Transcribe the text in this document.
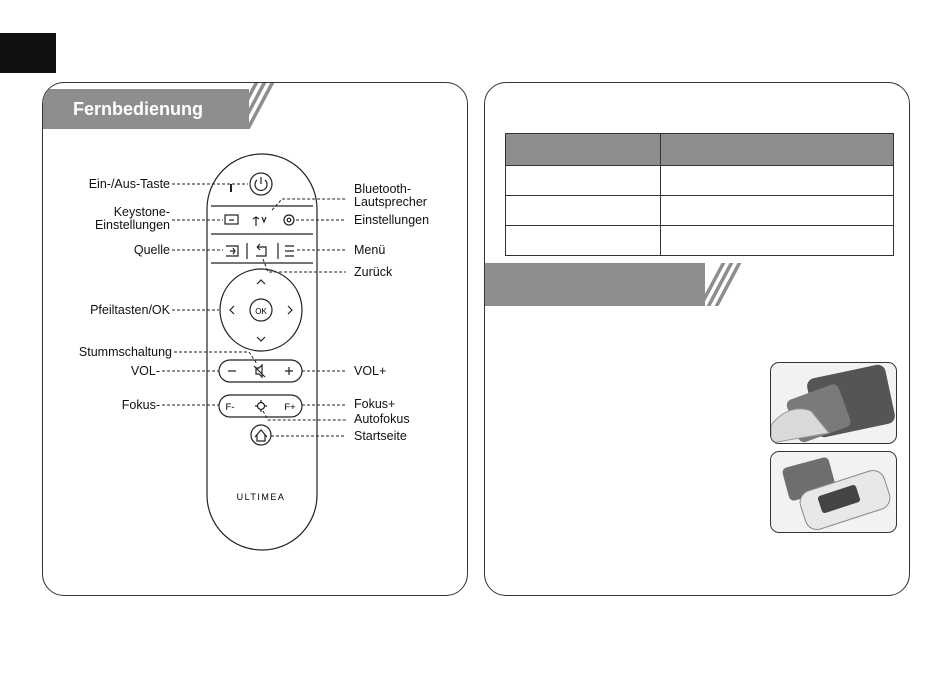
Fernbedienung
OK
F-	F+
ULTIMEA
Ein-/Aus-Taste	Bluetooth-
Lautsprecher
Keystone-
Einstellungen	Einstellungen
Quelle	Menü
Zurück
Pfeiltasten/OK
Stummschaltung
VOL-	VOL+
Fokus-	Fokus+
Autofokus
Startseite
